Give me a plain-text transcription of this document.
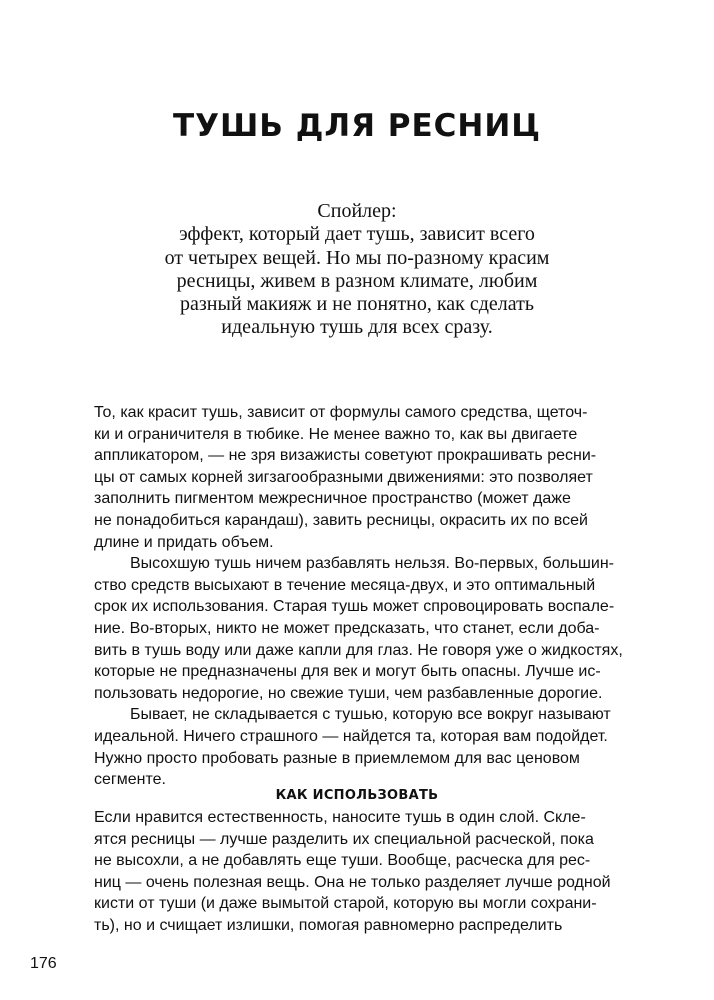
ТУШЬ ДЛЯ РЕСНИЦ
Спойлер:
эффект, который дает тушь, зависит всего
от четырех вещей. Но мы по-разному красим
ресницы, живем в разном климате, любим
разный макияж и не понятно, как сделать
идеальную тушь для всех сразу.
То, как красит тушь, зависит от формулы самого средства, щеточ-
ки и ограничителя в тюбике. Не менее важно то, как вы двигаете
аппликатором, — не зря визажисты советуют прокрашивать ресни-
цы от самых корней зигзагообразными движениями: это позволяет
заполнить пигментом межресничное пространство (может даже
не понадобиться карандаш), завить ресницы, окрасить их по всей
длине и придать объем.
Высохшую тушь ничем разбавлять нельзя. Во-первых, большин-
ство средств высыхают в течение месяца-двух, и это оптимальный
срок их использования. Старая тушь может спровоцировать воспале-
ние. Во-вторых, никто не может предсказать, что станет, если доба-
вить в тушь воду или даже капли для глаз. Не говоря уже о жидкостях,
которые не предназначены для век и могут быть опасны. Лучше ис-
пользовать недорогие, но свежие туши, чем разбавленные дорогие.
Бывает, не складывается с тушью, которую все вокруг называют
идеальной. Ничего страшного — найдется та, которая вам подойдет.
Нужно просто пробовать разные в приемлемом для вас ценовом
сегменте.
КАК ИСПОЛЬЗОВАТЬ
Если нравится естественность, наносите тушь в один слой. Скле-
ятся ресницы — лучше разделить их специальной расческой, пока
не высохли, а не добавлять еще туши. Вообще, расческа для рес-
ниц — очень полезная вещь. Она не только разделяет лучше родной
кисти от туши (и даже вымытой старой, которую вы могли сохрани-
ть), но и счищает излишки, помогая равномерно распределить
176
